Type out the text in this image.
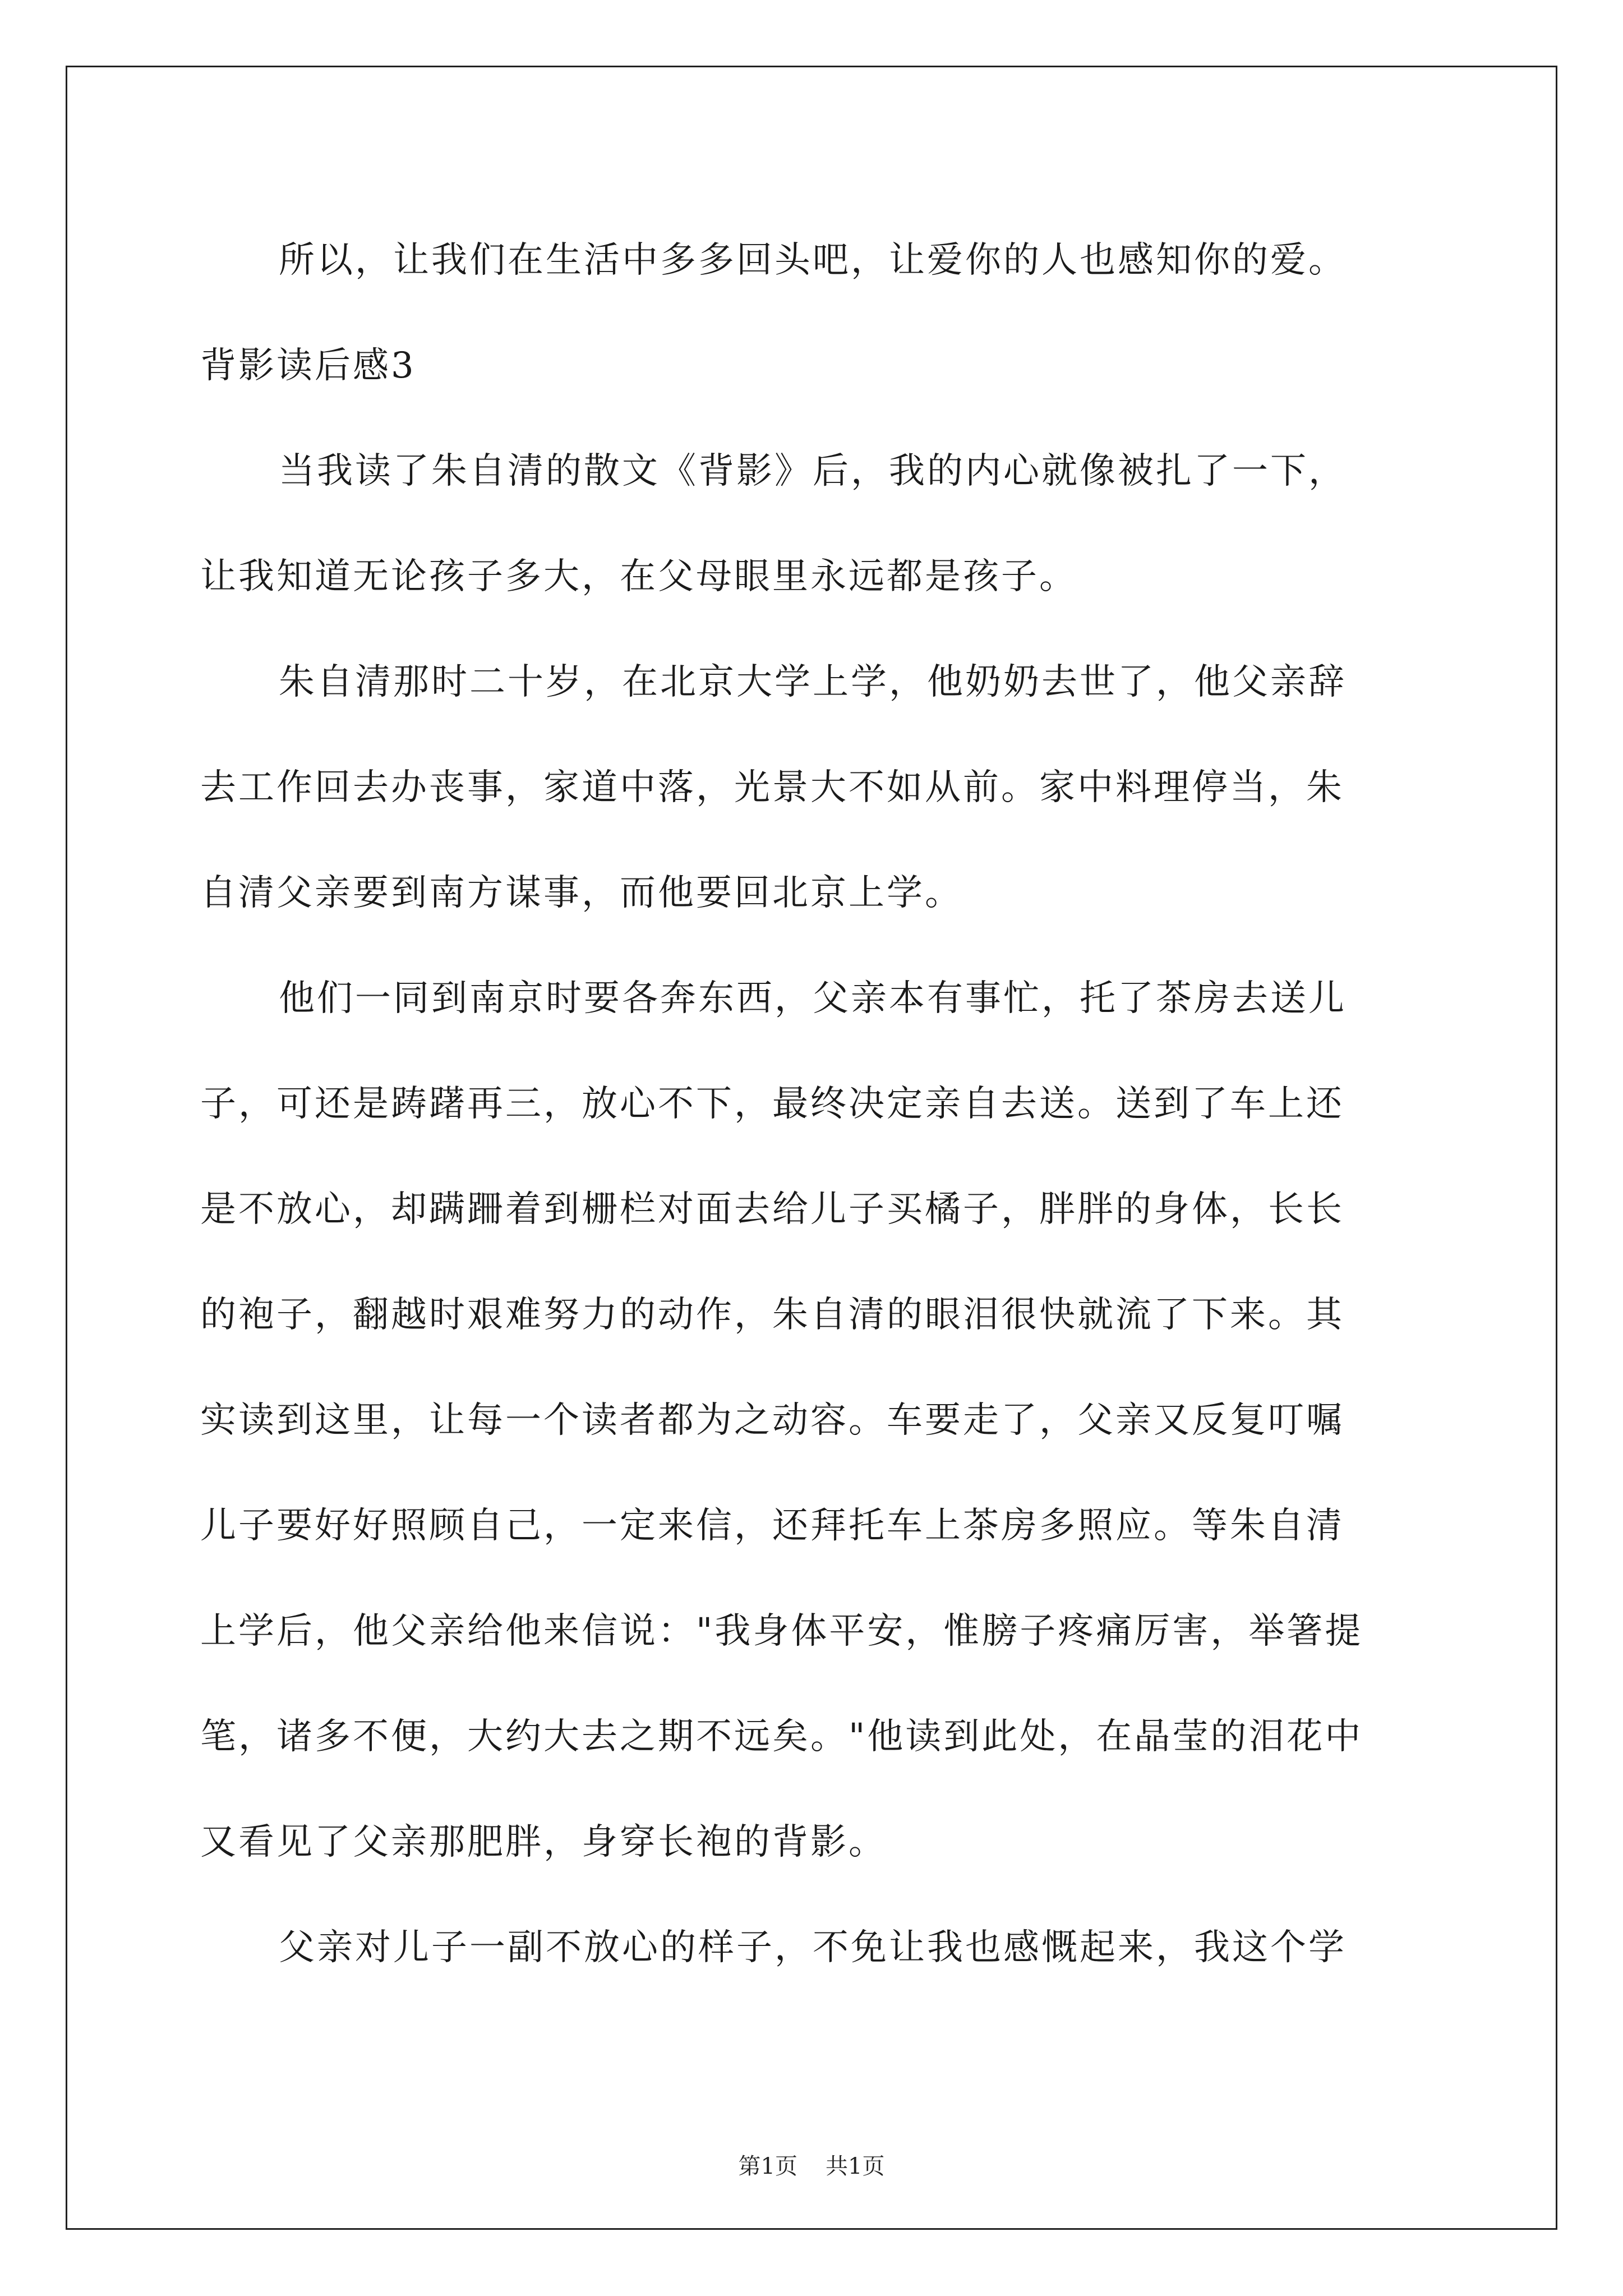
所以，让我们在生活中多多回头吧，让爱你的人也感知你的爱。
背影读后感3
当我读了朱自清的散文《背影》后，我的内心就像被扎了一下，
让我知道无论孩子多大，在父母眼里永远都是孩子。
朱自清那时二十岁，在北京大学上学，他奶奶去世了，他父亲辞
去工作回去办丧事，家道中落，光景大不如从前。家中料理停当，朱
自清父亲要到南方谋事，而他要回北京上学。
他们一同到南京时要各奔东西，父亲本有事忙，托了茶房去送儿
子，可还是踌躇再三，放心不下，最终决定亲自去送。送到了车上还
是不放心，却蹒跚着到栅栏对面去给儿子买橘子，胖胖的身体，长长
的袍子，翻越时艰难努力的动作，朱自清的眼泪很快就流了下来。其
实读到这里，让每一个读者都为之动容。车要走了，父亲又反复叮嘱
儿子要好好照顾自己，一定来信，还拜托车上茶房多照应。等朱自清
上学后，他父亲给他来信说："我身体平安，惟膀子疼痛厉害，举箸提
笔，诸多不便，大约大去之期不远矣。"他读到此处，在晶莹的泪花中
又看见了父亲那肥胖，身穿长袍的背影。
父亲对儿子一副不放心的样子，不免让我也感慨起来，我这个学
第1页 共1页
